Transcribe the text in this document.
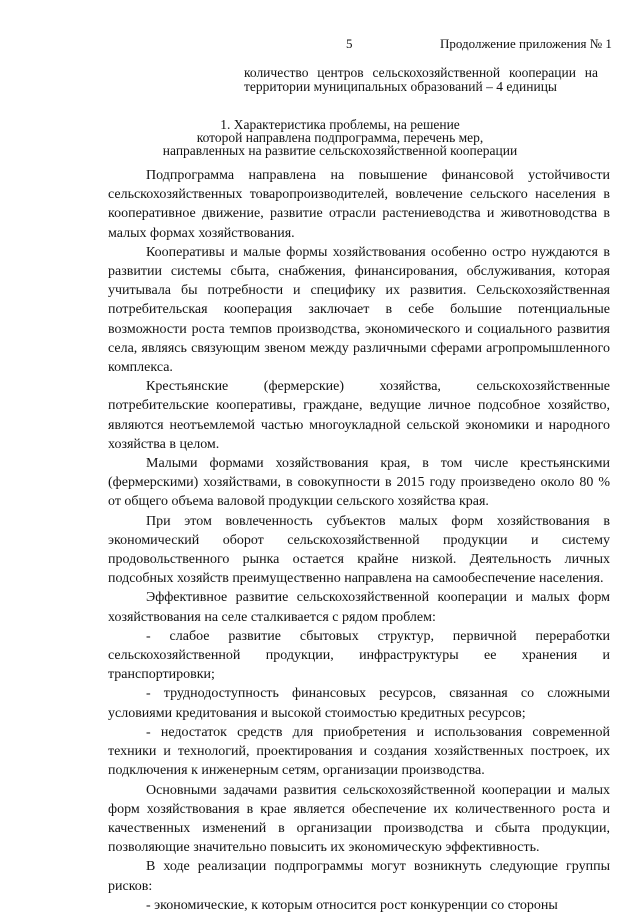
5	Продолжение приложения № 1
количество центров сельскохозяйственной кооперации на территории муниципальных образований – 4 единицы
1. Характеристика проблемы, на решение
которой направлена подпрограмма, перечень мер,
направленных на развитие сельскохозяйственной кооперации

Подпрограмма направлена на повышение финансовой устойчивости сельскохозяйственных товаропроизводителей, вовлечение сельского населения в кооперативное движение, развитие отрасли растениеводства и животноводства в малых формах хозяйствования.

Кооперативы и малые формы хозяйствования особенно остро нуждаются в развитии системы сбыта, снабжения, финансирования, обслуживания, которая учитывала бы потребности и специфику их развития. Сельскохозяйственная потребительская кооперация заключает в себе большие потенциальные возможности роста темпов производства, экономического и социального развития села, являясь связующим звеном между различными сферами агропромышленного комплекса.

Крестьянские (фермерские) хозяйства, сельскохозяйственные потребительские кооперативы, граждане, ведущие личное подсобное хозяйство, являются неотъемлемой частью многоукладной сельской экономики и народного хозяйства в целом.

Малыми формами хозяйствования края, в том числе крестьянскими (фермерскими) хозяйствами, в совокупности в 2015 году произведено около 80 % от общего объема валовой продукции сельского хозяйства края.

При этом вовлеченность субъектов малых форм хозяйствования в экономический оборот сельскохозяйственной продукции и систему продовольственного рынка остается крайне низкой. Деятельность личных подсобных хозяйств преимущественно направлена на самообеспечение населения.

Эффективное развитие сельскохозяйственной кооперации и малых форм хозяйствования на селе сталкивается с рядом проблем:

- слабое развитие сбытовых структур, первичной переработки сельскохозяйственной продукции, инфраструктуры ее хранения и транспортировки;

- труднодоступность финансовых ресурсов, связанная со сложными условиями кредитования и высокой стоимостью кредитных ресурсов;

- недостаток средств для приобретения и использования современной техники и технологий, проектирования и создания хозяйственных построек, их подключения к инженерным сетям, организации производства.

Основными задачами развития сельскохозяйственной кооперации и малых форм хозяйствования в крае является обеспечение их количественного роста и качественных изменений в организации производства и сбыта продукции, позволяющие значительно повысить их экономическую эффективность.

В ходе реализации подпрограммы могут возникнуть следующие группы рисков:

- экономические, к которым относится рост конкуренции со стороны
